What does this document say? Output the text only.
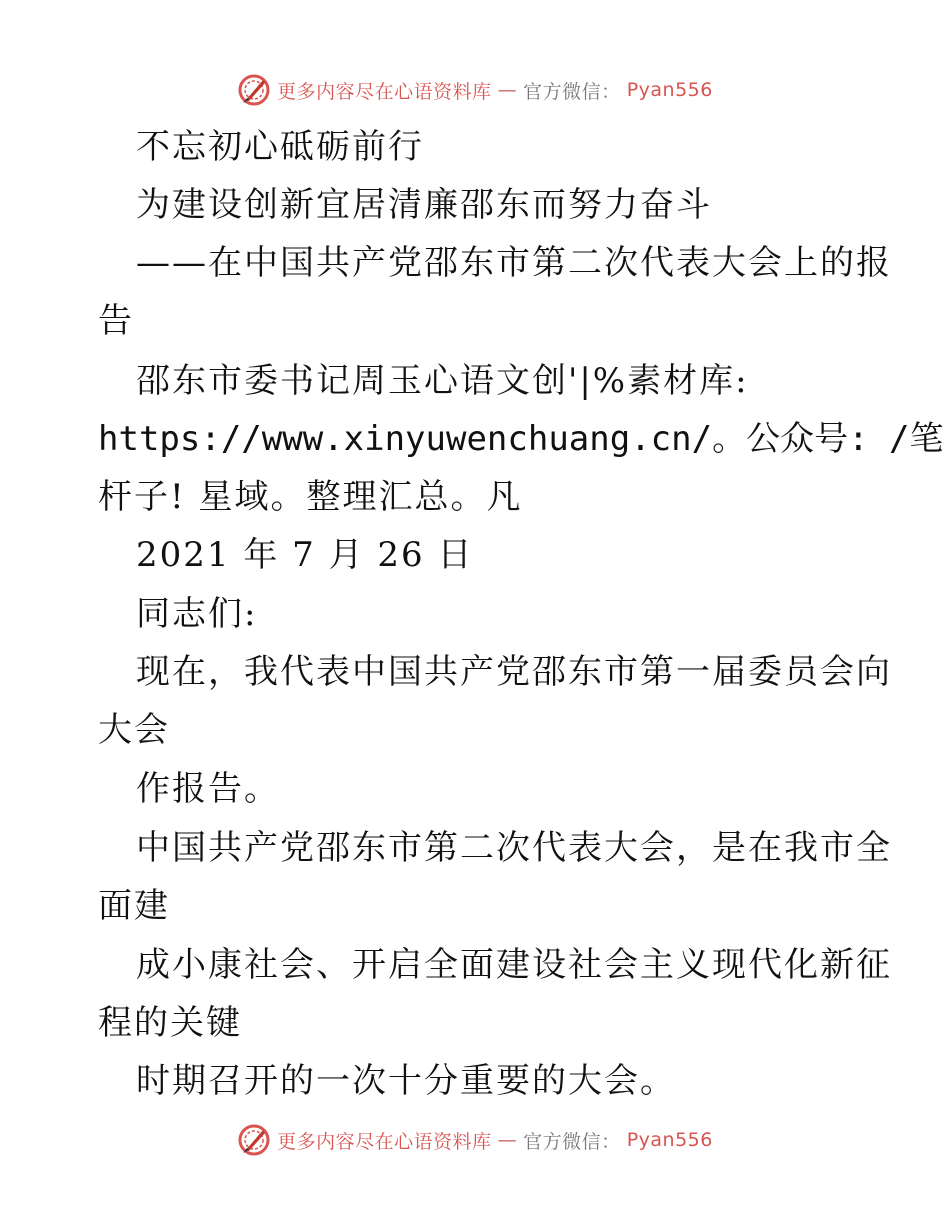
更多内容尽在心语资料库 — 官方微信： Pyan556
不忘初心砥砺前行
为建设创新宜居清廉邵东而努力奋斗
——在中国共产党邵东市第二次代表大会上的报
告
邵东市委书记周玉心语文创'|%素材库:
https://www.xinyuwenchuang.cn/。公众号: /笔
杆子! 星域。整理汇总。凡
2021 年 7 月 26 日
同志们:
现在，我代表中国共产党邵东市第一届委员会向
大会
作报告。
中国共产党邵东市第二次代表大会，是在我市全
面建
成小康社会、开启全面建设社会主义现代化新征
程的关键
时期召开的一次十分重要的大会。
更多内容尽在心语资料库 — 官方微信： Pyan556
